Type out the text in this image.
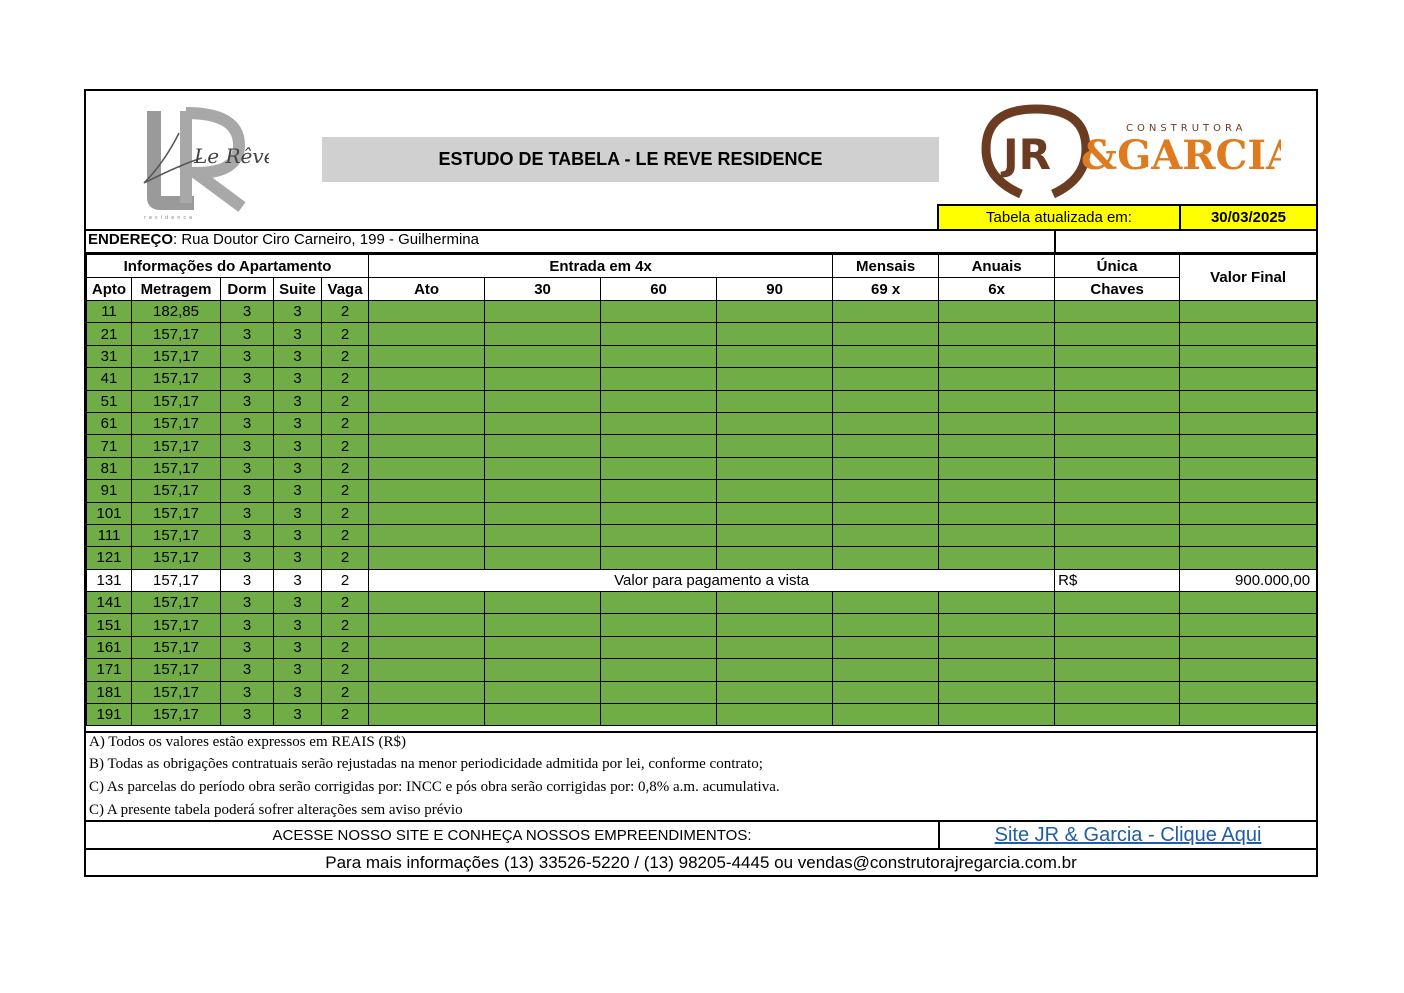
Le Rêve
residence
ESTUDO DE TABELA - LE REVE RESIDENCE	JR &GARCIA
CONSTRUTORA
Tabela atualizada em:	30/03/2025
ENDEREÇO: Rua Doutor Ciro Carneiro, 199 - Guilhermina
Informações do Apartamento					Entrada em 4x				Mensais	Anuais	Única	Valor Final
Apto	Metragem	Dorm	Suite	Vaga	Ato	30	60	90	69 x	6x	Chaves	
11	182,85	3	3	2								
21	157,17	3	3	2								
31	157,17	3	3	2								
41	157,17	3	3	2								
51	157,17	3	3	2								
61	157,17	3	3	2								
71	157,17	3	3	2								
81	157,17	3	3	2								
91	157,17	3	3	2								
101	157,17	3	3	2								
111	157,17	3	3	2								
121	157,17	3	3	2								
131	157,17	3	3	2	Valor para pagamento a vista						R$	900.000,00
141	157,17	3	3	2								
151	157,17	3	3	2								
161	157,17	3	3	2								
171	157,17	3	3	2								
181	157,17	3	3	2								
191	157,17	3	3	2								
A) Todos os valores estão expressos em REAIS (R$)
B) Todas as obrigações contratuais serão rejustadas na menor periodicidade admitida por lei, conforme contrato;
C) As parcelas do período obra serão corrigidas por: INCC e pós obra serão corrigidas por: 0,8% a.m. acumulativa.
C) A presente tabela poderá sofrer alterações sem aviso prévio
ACESSE NOSSO SITE E CONHEÇA NOSSOS EMPREENDIMENTOS:	Site JR & Garcia - Clique Aqui
Para mais informações (13) 33526-5220 / (13) 98205-4445 ou vendas@construtorajregarcia.com.br
